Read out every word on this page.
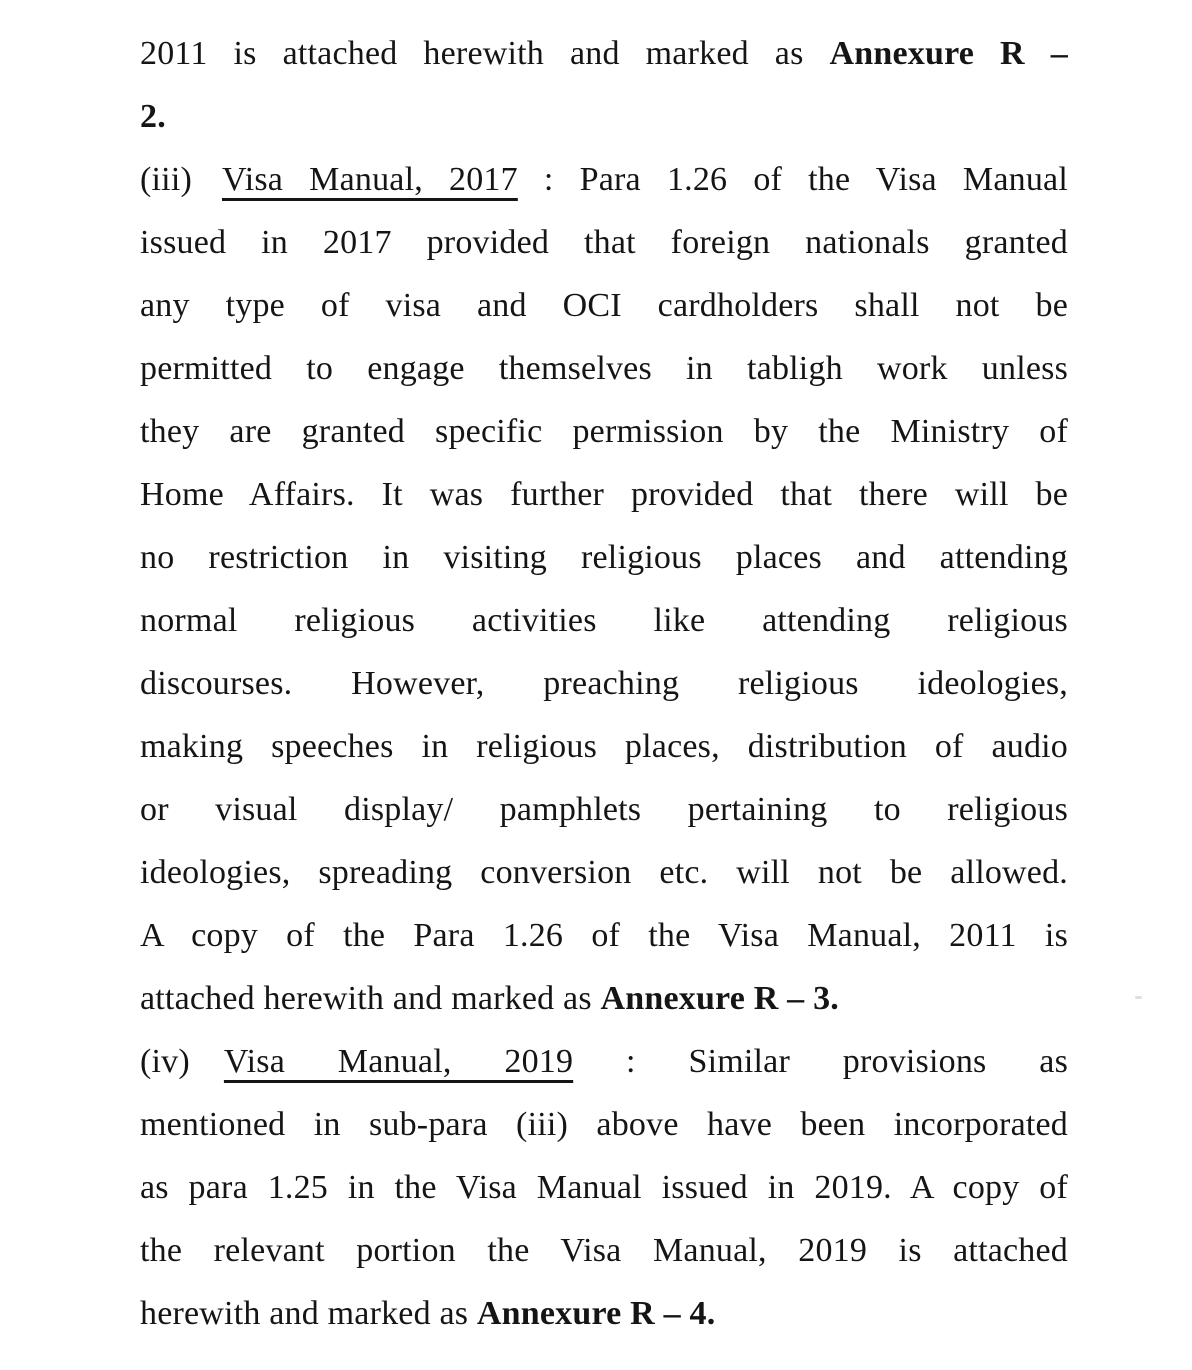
2011 is attached herewith and marked as Annexure R –
2.
(iii) Visa Manual, 2017 : Para 1.26 of the Visa Manual
issued in 2017 provided that foreign nationals granted
any type of visa and OCI cardholders shall not be
permitted to engage themselves in tabligh work unless
they are granted specific permission by the Ministry of
Home Affairs. It was further provided that there will be
no restriction in visiting religious places and attending
normal religious activities like attending religious
discourses. However, preaching religious ideologies,
making speeches in religious places, distribution of audio
or visual display/ pamphlets pertaining to religious
ideologies, spreading conversion etc. will not be allowed.
A copy of the Para 1.26 of the Visa Manual, 2011 is
attached herewith and marked as Annexure R – 3.
(iv) Visa Manual, 2019 : Similar provisions as
mentioned in sub-para (iii) above have been incorporated
as para 1.25 in the Visa Manual issued in 2019. A copy of
the relevant portion the Visa Manual, 2019 is attached
herewith and marked as Annexure R – 4.
